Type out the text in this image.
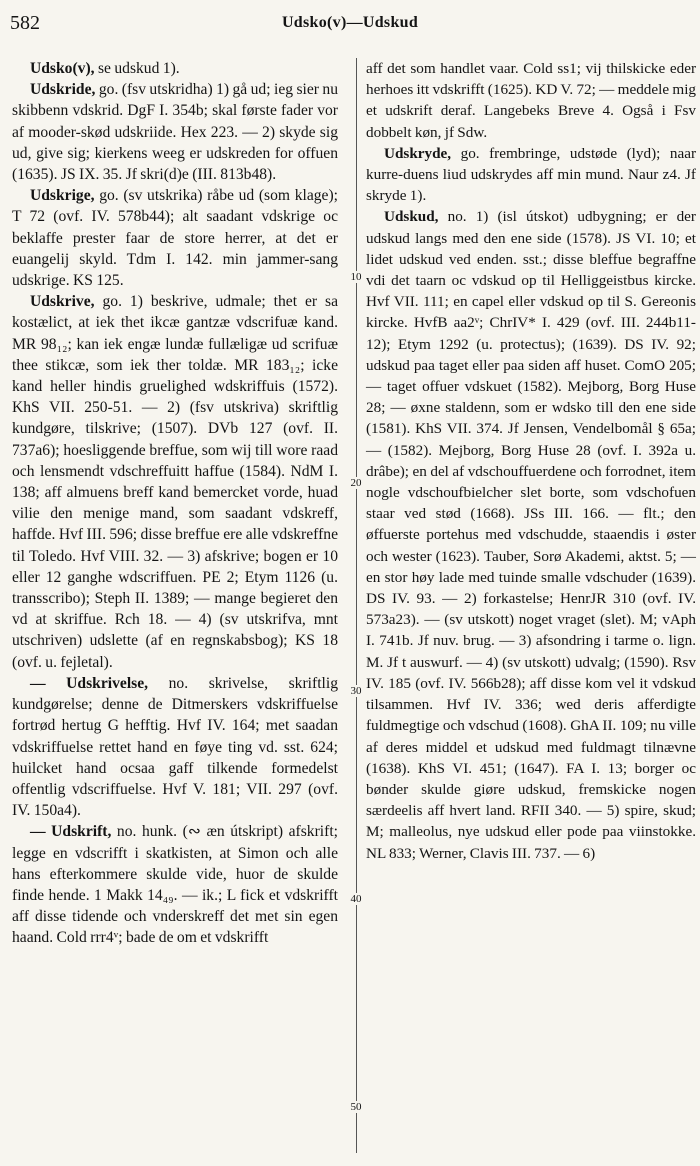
582	Udsko(v)—Udskud
10
20
30
40
50

Udsko(v), se udskud 1).

Udskride, go. (fsv utskridha) 1) gå ud; ieg sier nu skibbenn vdskrid. DgF I. 354b; skal første fader vor af mooder-skød udskriide. Hex 223. — 2) skyde sig ud, give sig; kierkens weeg er udskreden for offuen (1635). JS IX. 35. Jf skri(d)e (III. 813b48).

Udskrige, go. (sv utskrika) råbe ud (som klage); T 72 (ovf. IV. 578b44); alt saadant vdskrige oc beklaffe prester faar de store herrer, at det er euangelij skyld. Tdm I. 142. min jammer-sang udskrige. KS 125.

Udskrive, go. 1) beskrive, udmale; thet er sa kostælict, at iek thet ikcæ gantzæ vdscrifuæ kand. MR 98₁₂; kan iek engæ lundæ fullæligæ ud scrifuæ thee stikcæ, som iek ther toldæ. MR 183₁₂; icke kand heller hindis gruelighed wdskriffuis (1572). KhS VII. 250-51. — 2) (fsv utskriva) skriftlig kundgøre, tilskrive; (1507). DVb 127 (ovf. II. 737a6); hoesliggende breffue, som wij till wore raad och lensmendt vdschreffuitt haffue (1584). NdM I. 138; aff almuens breff kand bemercket vorde, huad vilie den menige mand, som saadant vdskreff, haffde. Hvf III. 596; disse breffue ere alle vdskreffne til Toledo. Hvf VIII. 32. — 3) afskrive; bogen er 10 eller 12 ganghe wdscriffuen. PE 2; Etym 1126 (u. transscribo); Steph II. 1389; — mange begieret den vd at skriffue. Rch 18. — 4) (sv utskrifva, mnt utschriven) udslette (af en regnskabsbog); KS 18 (ovf. u. fejletal).

— Udskrivelse, no. skrivelse, skriftlig kundgørelse; denne de Ditmerskers vdskriffuelse fortrød hertug G hefftig. Hvf IV. 164; met saadan vdskriffuelse rettet hand en føye ting vd. sst. 624; huilcket hand ocsaa gaff tilkende formedelst offentlig vdscriffuelse. Hvf V. 181; VII. 297 (ovf. IV. 150a4).

— Udskrift, no. hunk. (∾ æn útskript) afskrift; legge en vdscrifft i skatkisten, at Simon och alle hans efterkommere skulde vide, huor de skulde finde hende. 1 Makk 14₄₉. — ik.; L fick et vdskrifft aff disse tidende och vnderskreff det met sin egen haand. Cold rrr4ᵛ; bade de om et vdskrifft

aff det som handlet vaar. Cold ss1; vij thilskicke eder herhoes itt vdskrifft (1625). KD V. 72; — meddele mig et udskrift deraf. Langebeks Breve 4. Også i Fsv dobbelt køn, jf Sdw.

Udskryde, go. frembringe, udstøde (lyd); naar kurre-duens liud udskrydes aff min mund. Naur z4. Jf skryde 1).

Udskud, no. 1) (isl útskot) udbygning; er der udskud langs med den ene side (1578). JS VI. 10; et lidet udskud ved enden. sst.; disse bleffue begraffne vdi det taarn oc vdskud op til Helliggeistbus kircke. Hvf VII. 111; en capel eller vdskud op til S. Gereonis kircke. HvfB aa2ᵛ; ChrIV* I. 429 (ovf. III. 244b11-12); Etym 1292 (u. protectus); (1639). DS IV. 92; udskud paa taget eller paa siden aff huset. ComO 205; — taget offuer vdskuet (1582). Mejborg, Borg Huse 28; — øxne staldenn, som er wdsko till den ene side (1581). KhS VII. 374. Jf Jensen, Vendelbomål § 65a; — (1582). Mejborg, Borg Huse 28 (ovf. I. 392a u. drâbe); en del af vdschouffuerdene och forrodnet, item nogle vdschoufbielcher slet borte, som vdschofuen staar ved stød (1668). JSs III. 166. — flt.; den øffuerste portehus med vdschudde, staaendis i øster och wester (1623). Tauber, Sorø Akademi, aktst. 5; — en stor høy lade med tuinde smalle vdschuder (1639). DS IV. 93. — 2) forkastelse; HenrJR 310 (ovf. IV. 573a23). — (sv utskott) noget vraget (slet). M; vAph I. 741b. Jf nuv. brug. — 3) afsondring i tarme o. lign. M. Jf t auswurf. — 4) (sv utskott) udvalg; (1590). Rsv IV. 185 (ovf. IV. 566b28); aff disse kom vel it vdskud tilsammen. Hvf IV. 336; wed deris afferdigte fuldmegtige och vdschud (1608). GhA II. 109; nu ville af deres middel et udskud med fuldmagt tilnævne (1638). KhS VI. 451; (1647). FA I. 13; borger oc bønder skulde giøre udskud, fremskicke nogen særdeelis aff hvert land. RFII 340. — 5) spire, skud; M; malleolus, nye udskud eller pode paa viinstokke. NL 833; Werner, Clavis III. 737. — 6)
